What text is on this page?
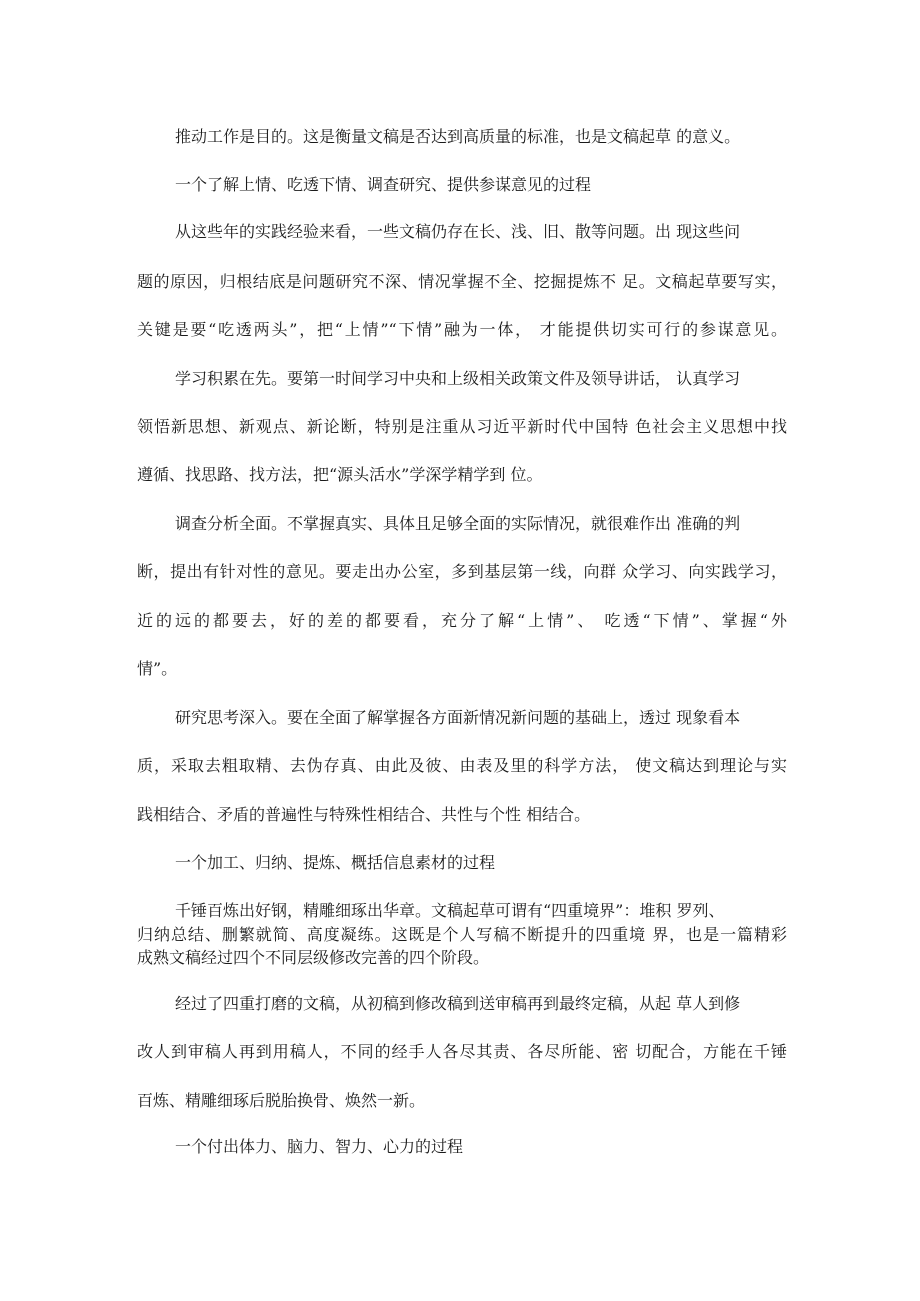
推动工作是目的。这是衡量文稿是否达到高质量的标准，也是文稿起草 的意义。
一个了解上情、吃透下情、调查研究、提供参谋意见的过程
从这些年的实践经验来看，一些文稿仍存在长、浅、旧、散等问题。出 现这些问
题的原因，归根结底是问题研究不深、情况掌握不全、挖掘提炼不 足。文稿起草要写实，
关键是要“吃透两头”，把“上情”“下情”融为一体， 才能提供切实可行的参谋意见。
学习积累在先。要第一时间学习中央和上级相关政策文件及领导讲话， 认真学习
领悟新思想、新观点、新论断，特别是注重从习近平新时代中国特 色社会主义思想中找
遵循、找思路、找方法，把“源头活水”学深学精学到 位。
调查分析全面。不掌握真实、具体且足够全面的实际情况，就很难作出 准确的判
断，提出有针对性的意见。要走出办公室，多到基层第一线，向群 众学习、向实践学习，
近的远的都要去，好的差的都要看，充分了解“上情”、 吃透“下情”、掌握“外
情”。
研究思考深入。要在全面了解掌握各方面新情况新问题的基础上，透过 现象看本
质，采取去粗取精、去伪存真、由此及彼、由表及里的科学方法， 使文稿达到理论与实
践相结合、矛盾的普遍性与特殊性相结合、共性与个性 相结合。
一个加工、归纳、提炼、概括信息素材的过程
千锤百炼出好钢，精雕细琢出华章。文稿起草可谓有“四重境界”：堆积 罗列、
归纳总结、删繁就简、高度凝练。这既是个人写稿不断提升的四重境 界，也是一篇精彩
成熟文稿经过四个不同层级修改完善的四个阶段。
经过了四重打磨的文稿，从初稿到修改稿到送审稿再到最终定稿，从起 草人到修
改人到审稿人再到用稿人，不同的经手人各尽其责、各尽所能、密 切配合，方能在千锤
百炼、精雕细琢后脱胎换骨、焕然一新。
一个付出体力、脑力、智力、心力的过程
